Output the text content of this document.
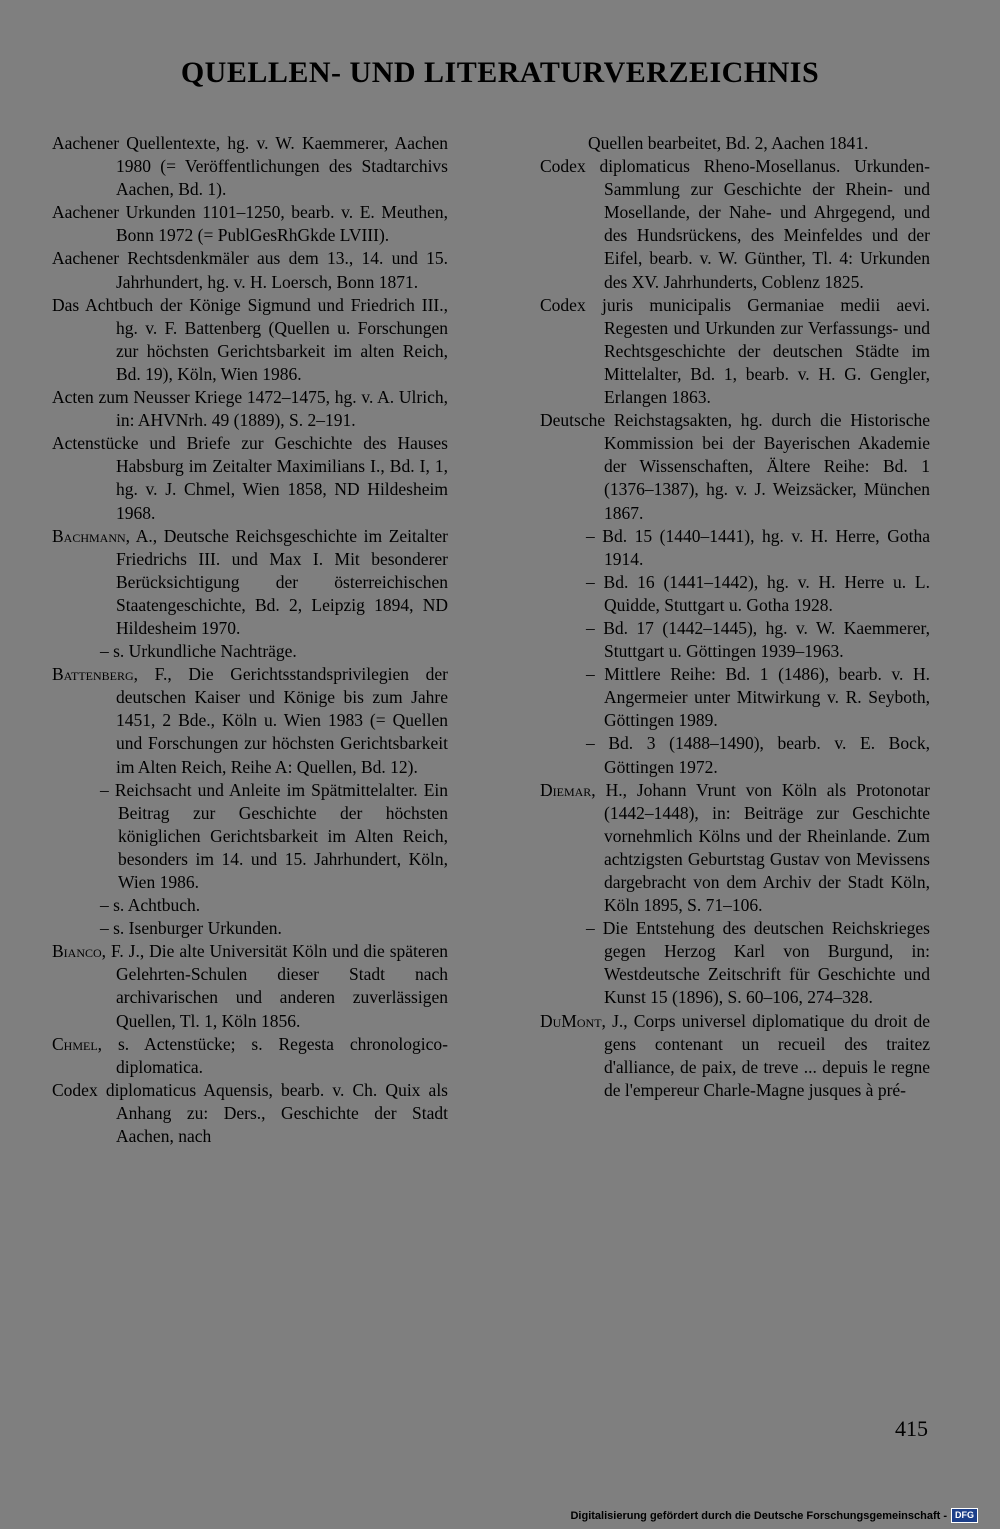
QUELLEN- UND LITERATURVERZEICHNIS

Aachener Quellentexte, hg. v. W. Kaemmerer, Aachen 1980 (= Veröffentlichungen des Stadtarchivs Aachen, Bd. 1).

Aachener Urkunden 1101–1250, bearb. v. E. Meuthen, Bonn 1972 (= PublGesRhGkde LVIII).

Aachener Rechtsdenkmäler aus dem 13., 14. und 15. Jahrhundert, hg. v. H. Loersch, Bonn 1871.

Das Achtbuch der Könige Sigmund und Friedrich III., hg. v. F. Battenberg (Quellen u. Forschungen zur höchsten Gerichtsbarkeit im alten Reich, Bd. 19), Köln, Wien 1986.

Acten zum Neusser Kriege 1472–1475, hg. v. A. Ulrich, in: AHVNrh. 49 (1889), S. 2–191.

Actenstücke und Briefe zur Geschichte des Hauses Habsburg im Zeitalter Maximilians I., Bd. I, 1, hg. v. J. Chmel, Wien 1858, ND Hildesheim 1968.

Bachmann, A., Deutsche Reichsgeschichte im Zeitalter Friedrichs III. und Max I. Mit besonderer Berücksichtigung der österreichischen Staatengeschichte, Bd. 2, Leipzig 1894, ND Hildesheim 1970.

– s. Urkundliche Nachträge.

Battenberg, F., Die Gerichtsstandsprivilegien der deutschen Kaiser und Könige bis zum Jahre 1451, 2 Bde., Köln u. Wien 1983 (= Quellen und Forschungen zur höchsten Gerichtsbarkeit im Alten Reich, Reihe A: Quellen, Bd. 12).

– Reichsacht und Anleite im Spätmittelalter. Ein Beitrag zur Geschichte der höchsten königlichen Gerichtsbarkeit im Alten Reich, besonders im 14. und 15. Jahrhundert, Köln, Wien 1986.

– s. Achtbuch.

– s. Isenburger Urkunden.

Bianco, F. J., Die alte Universität Köln und die späteren Gelehrten-Schulen dieser Stadt nach archivarischen und anderen zuverlässigen Quellen, Tl. 1, Köln 1856.

Chmel, s. Actenstücke; s. Regesta chronologico-diplomatica.

Codex diplomaticus Aquensis, bearb. v. Ch. Quix als Anhang zu: Ders., Geschichte der Stadt Aachen, nach

Quellen bearbeitet, Bd. 2, Aachen 1841.

Codex diplomaticus Rheno-Mosellanus. Urkunden-Sammlung zur Geschichte der Rhein- und Mosellande, der Nahe- und Ahrgegend, und des Hundsrückens, des Meinfeldes und der Eifel, bearb. v. W. Günther, Tl. 4: Urkunden des XV. Jahrhunderts, Coblenz 1825.

Codex juris municipalis Germaniae medii aevi. Regesten und Urkunden zur Verfassungs- und Rechtsgeschichte der deutschen Städte im Mittelalter, Bd. 1, bearb. v. H. G. Gengler, Erlangen 1863.

Deutsche Reichstagsakten, hg. durch die Historische Kommission bei der Bayerischen Akademie der Wissenschaften, Ältere Reihe: Bd. 1 (1376–1387), hg. v. J. Weizsäcker, München 1867.

– Bd. 15 (1440–1441), hg. v. H. Herre, Gotha 1914.

– Bd. 16 (1441–1442), hg. v. H. Herre u. L. Quidde, Stuttgart u. Gotha 1928.

– Bd. 17 (1442–1445), hg. v. W. Kaemmerer, Stuttgart u. Göttingen 1939–1963.

– Mittlere Reihe: Bd. 1 (1486), bearb. v. H. Angermeier unter Mitwirkung v. R. Seyboth, Göttingen 1989.

– Bd. 3 (1488–1490), bearb. v. E. Bock, Göttingen 1972.

Diemar, H., Johann Vrunt von Köln als Protonotar (1442–1448), in: Beiträge zur Geschichte vornehmlich Kölns und der Rheinlande. Zum achtzigsten Geburtstag Gustav von Mevissens dargebracht von dem Archiv der Stadt Köln, Köln 1895, S. 71–106.

– Die Entstehung des deutschen Reichskrieges gegen Herzog Karl von Burgund, in: Westdeutsche Zeitschrift für Geschichte und Kunst 15 (1896), S. 60–106, 274–328.

DuMont, J., Corps universel diplomatique du droit de gens contenant un recueil des traitez d'alliance, de paix, de treve ... depuis le regne de l'empereur Charle-Magne jusques à pré-

415
Digitalisierung gefördert durch die Deutsche Forschungsgemeinschaft - DFG
